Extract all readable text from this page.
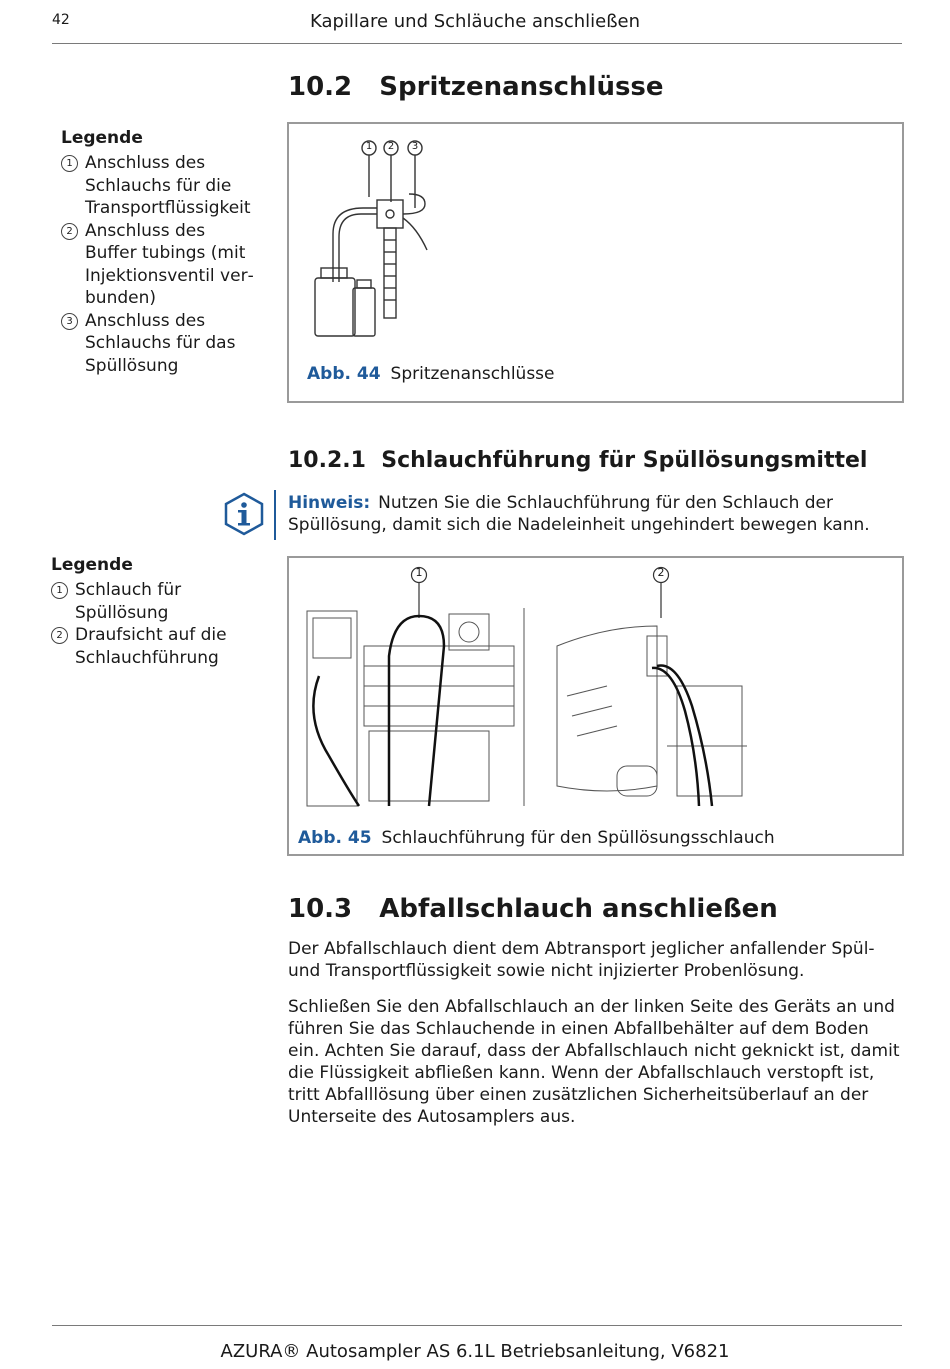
42	Kapillare und Schläuche anschließen
10.2   Spritzenanschlüsse
Legende
1 Anschluss des Schlauchs für die Transportflüssigkeit
2 Anschluss des Buffer tubings (mit Injektionsventil verbunden)
3 Anschluss des Schlauchs für das Spüllösung
1 2 3
Abb. 44 Spritzenanschlüsse
10.2.1  Schlauchführung für Spüllösungsmittel
Hinweis: Nutzen Sie die Schlauchführung für den Schlauch der Spüllösung, damit sich die Nadeleinheit ungehindert bewegen kann.
Legende
1 Schlauch für Spüllösung
2 Draufsicht auf die Schlauchführung
1	2
Abb. 45 Schlauchführung für den Spüllösungsschlauch
10.3   Abfallschlauch anschließen

Der Abfallschlauch dient dem Abtransport jeglicher anfallender Spül- und Transportflüssigkeit sowie nicht injizierter Probenlösung.

Schließen Sie den Abfallschlauch an der linken Seite des Geräts an und führen Sie das Schlauchende in einen Abfallbehälter auf dem Boden ein. Achten Sie darauf, dass der Abfallschlauch nicht geknickt ist, damit die Flüssigkeit abfließen kann. Wenn der Abfallschlauch verstopft ist, tritt Abfalllösung über einen zusätzlichen Sicherheitsüberlauf an der Unterseite des Autosamplers aus.

AZURA® Autosampler AS 6.1L Betriebsanleitung, V6821
